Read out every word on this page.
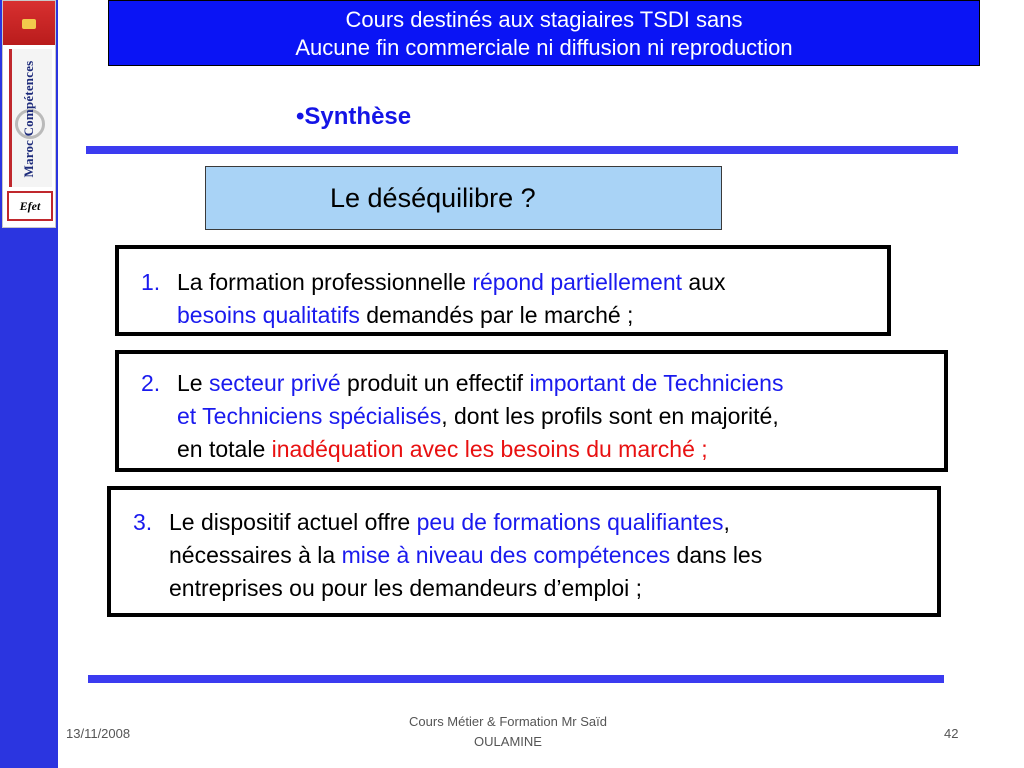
Maroc Compétences
Efet
Cours destinés aux stagiaires TSDI sans
Aucune fin commerciale ni diffusion ni reproduction
•Synthèse
Le déséquilibre ?
1. La formation professionnelle répond partiellement aux
besoins qualitatifs demandés par le marché ;
2. Le secteur privé produit un effectif important de Techniciens
et Techniciens spécialisés, dont les profils sont en majorité,
en totale inadéquation avec les besoins du marché ;
3. Le dispositif actuel offre peu de formations qualifiantes,
nécessaires à la mise à niveau des compétences dans les
entreprises ou pour les demandeurs d’emploi ;
13/11/2008
Cours Métier & Formation Mr Saïd
OULAMINE
42
